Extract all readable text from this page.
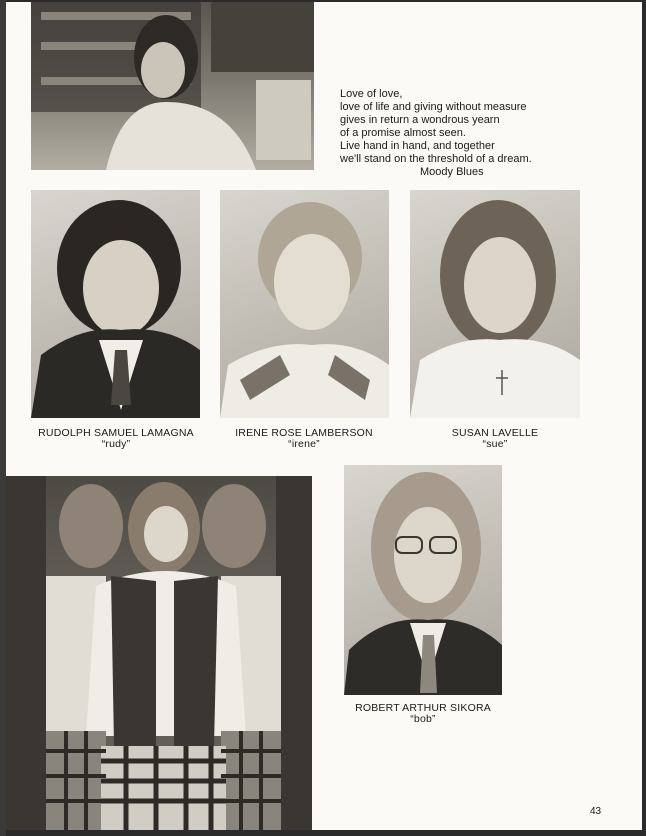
Love of love,
love of life and giving without measure
gives in return a wondrous yearn
of a promise almost seen.
Live hand in hand, and together
we'll stand on the threshold of a dream.
Moody Blues
RUDOLPH SAMUEL LAMAGNA
“rudy”
IRENE ROSE LAMBERSON
“irene”
SUSAN LAVELLE
“sue”
ROBERT ARTHUR SIKORA
“bob”
43
